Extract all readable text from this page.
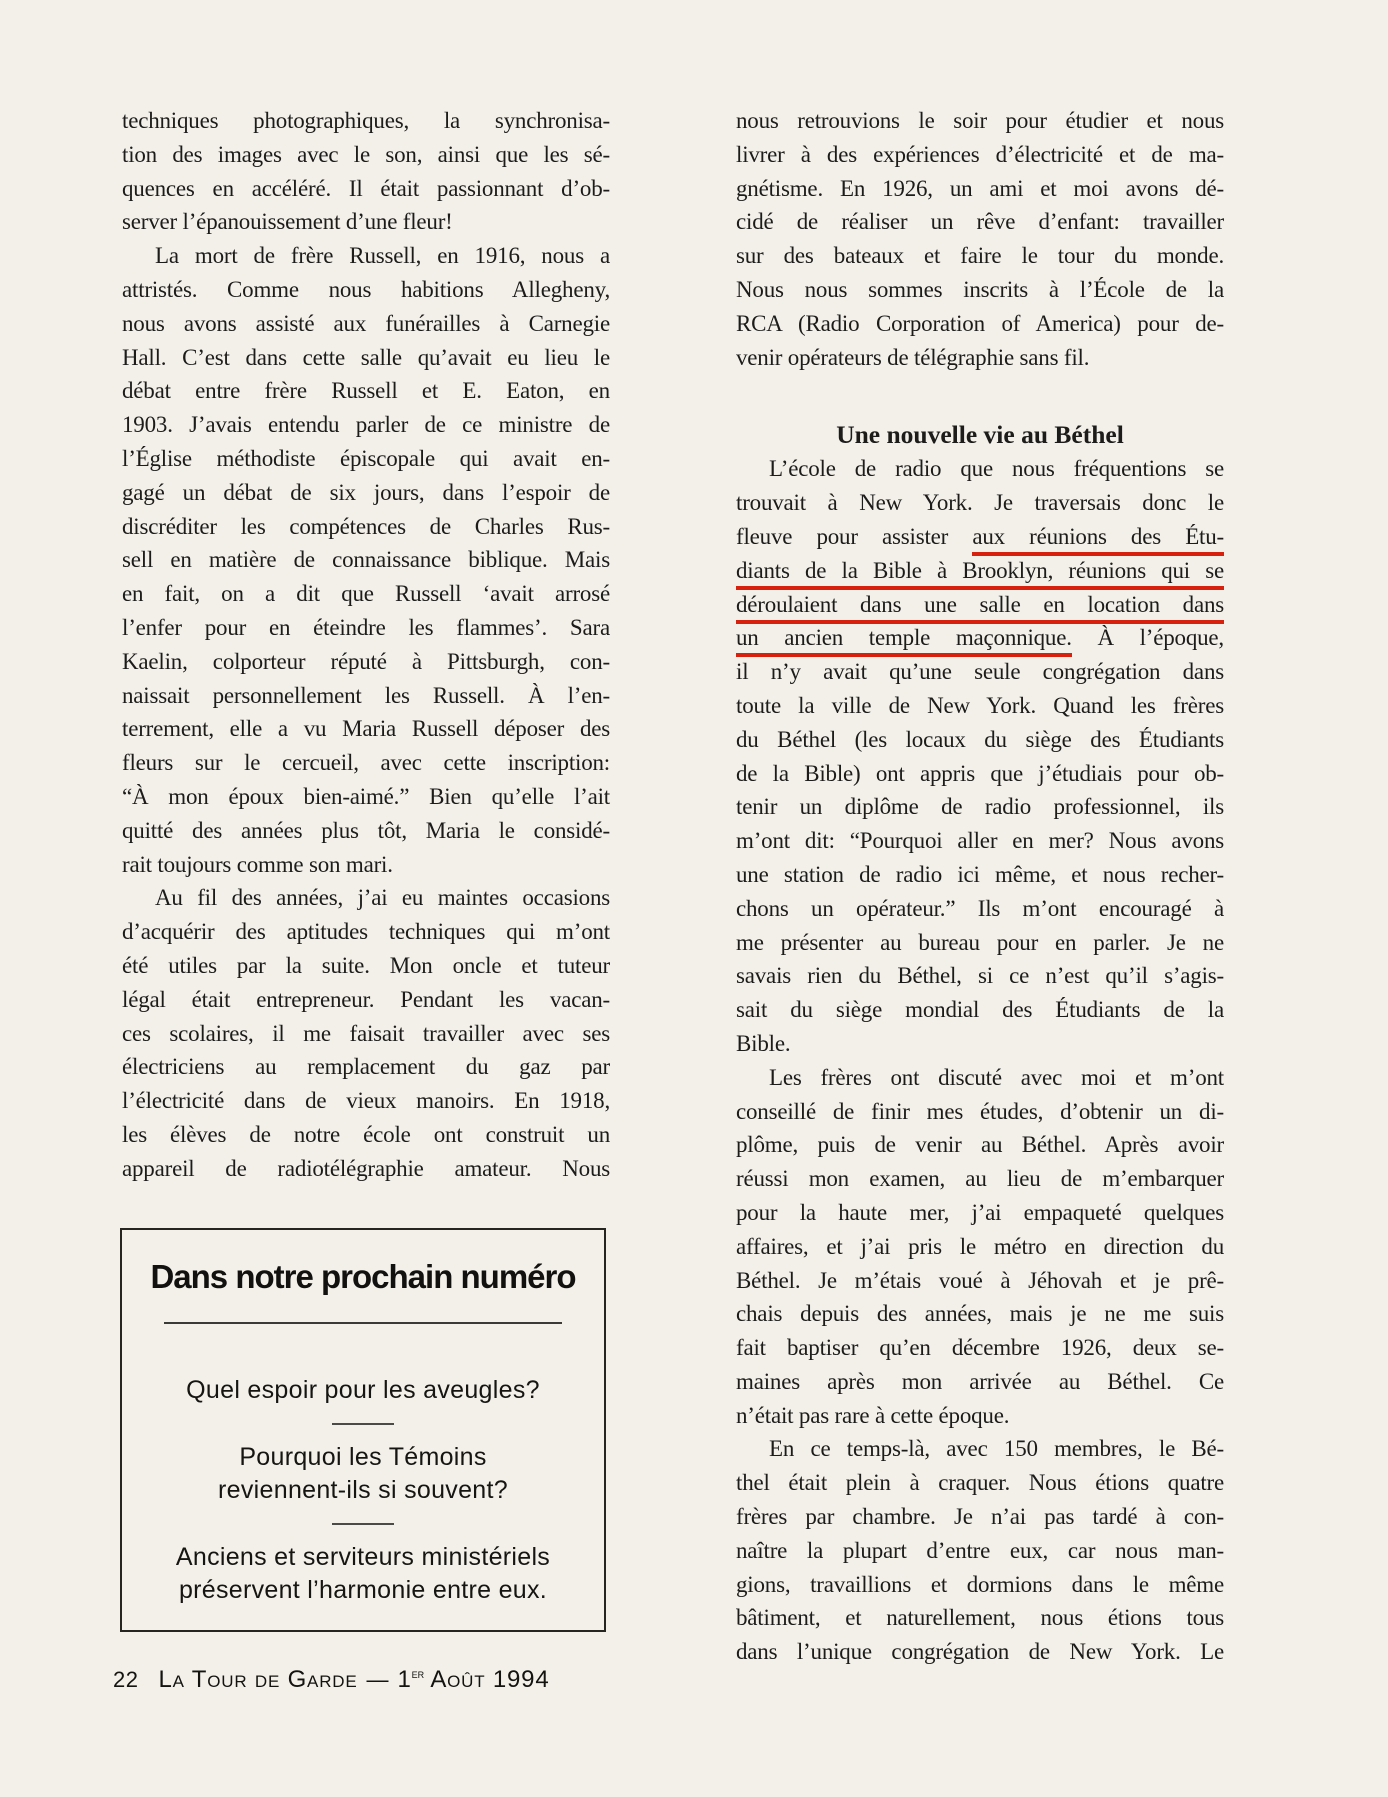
techniques photographiques, la synchronisa-
tion des images avec le son, ainsi que les sé-
quences en accéléré. Il était passionnant d’ob-
server l’épanouissement d’une fleur!
La mort de frère Russell, en 1916, nous a
attristés. Comme nous habitions Allegheny,
nous avons assisté aux funérailles à Carnegie
Hall. C’est dans cette salle qu’avait eu lieu le
débat entre frère Russell et E. Eaton, en
1903. J’avais entendu parler de ce ministre de
l’Église méthodiste épiscopale qui avait en-
gagé un débat de six jours, dans l’espoir de
discréditer les compétences de Charles Rus-
sell en matière de connaissance biblique. Mais
en fait, on a dit que Russell ‘avait arrosé
l’enfer pour en éteindre les flammes’. Sara
Kaelin, colporteur réputé à Pittsburgh, con-
naissait personnellement les Russell. À l’en-
terrement, elle a vu Maria Russell déposer des
fleurs sur le cercueil, avec cette inscription:
“À mon époux bien-aimé.” Bien qu’elle l’ait
quitté des années plus tôt, Maria le considé-
rait toujours comme son mari.
Au fil des années, j’ai eu maintes occasions
d’acquérir des aptitudes techniques qui m’ont
été utiles par la suite. Mon oncle et tuteur
légal était entrepreneur. Pendant les vacan-
ces scolaires, il me faisait travailler avec ses
électriciens au remplacement du gaz par
l’électricité dans de vieux manoirs. En 1918,
les élèves de notre école ont construit un
appareil de radiotélégraphie amateur. Nous
nous retrouvions le soir pour étudier et nous
livrer à des expériences d’électricité et de ma-
gnétisme. En 1926, un ami et moi avons dé-
cidé de réaliser un rêve d’enfant: travailler
sur des bateaux et faire le tour du monde.
Nous nous sommes inscrits à l’École de la
RCA (Radio Corporation of America) pour de-
venir opérateurs de télégraphie sans fil.
Une nouvelle vie au Béthel
L’école de radio que nous fréquentions se
trouvait à New York. Je traversais donc le
fleuve pour assister aux réunions des Étu-
diants de la Bible à Brooklyn, réunions qui se
déroulaient dans une salle en location dans
un ancien temple maçonnique. À l’époque,
il n’y avait qu’une seule congrégation dans
toute la ville de New York. Quand les frères
du Béthel (les locaux du siège des Étudiants
de la Bible) ont appris que j’étudiais pour ob-
tenir un diplôme de radio professionnel, ils
m’ont dit: “Pourquoi aller en mer? Nous avons
une station de radio ici même, et nous recher-
chons un opérateur.” Ils m’ont encouragé à
me présenter au bureau pour en parler. Je ne
savais rien du Béthel, si ce n’est qu’il s’agis-
sait du siège mondial des Étudiants de la
Bible.
Les frères ont discuté avec moi et m’ont
conseillé de finir mes études, d’obtenir un di-
plôme, puis de venir au Béthel. Après avoir
réussi mon examen, au lieu de m’embarquer
pour la haute mer, j’ai empaqueté quelques
affaires, et j’ai pris le métro en direction du
Béthel. Je m’étais voué à Jéhovah et je prê-
chais depuis des années, mais je ne me suis
fait baptiser qu’en décembre 1926, deux se-
maines après mon arrivée au Béthel. Ce
n’était pas rare à cette époque.
En ce temps-là, avec 150 membres, le Bé-
thel était plein à craquer. Nous étions quatre
frères par chambre. Je n’ai pas tardé à con-
naître la plupart d’entre eux, car nous man-
gions, travaillions et dormions dans le même
bâtiment, et naturellement, nous étions tous
dans l’unique congrégation de New York. Le
Dans notre prochain numéro
Quel espoir pour les aveugles?
Pourquoi les Témoins
reviennent-ils si souvent?
Anciens et serviteurs ministériels
préservent l’harmonie entre eux.
22 La Tour de Garde — 1er Août 1994
